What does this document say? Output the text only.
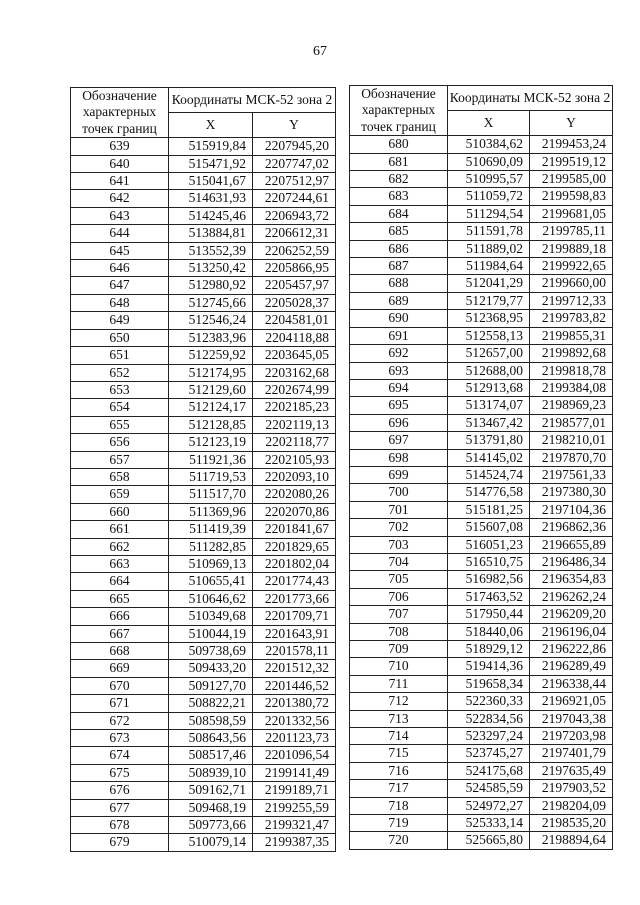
67
Обозначение характерных точек границ	Координаты МСК-52 зона 2	
	X	Y
639	515919,84	2207945,20
640	515471,92	2207747,02
641	515041,67	2207512,97
642	514631,93	2207244,61
643	514245,46	2206943,72
644	513884,81	2206612,31
645	513552,39	2206252,59
646	513250,42	2205866,95
647	512980,92	2205457,97
648	512745,66	2205028,37
649	512546,24	2204581,01
650	512383,96	2204118,88
651	512259,92	2203645,05
652	512174,95	2203162,68
653	512129,60	2202674,99
654	512124,17	2202185,23
655	512128,85	2202119,13
656	512123,19	2202118,77
657	511921,36	2202105,93
658	511719,53	2202093,10
659	511517,70	2202080,26
660	511369,96	2202070,86
661	511419,39	2201841,67
662	511282,85	2201829,65
663	510969,13	2201802,04
664	510655,41	2201774,43
665	510646,62	2201773,66
666	510349,68	2201709,71
667	510044,19	2201643,91
668	509738,69	2201578,11
669	509433,20	2201512,32
670	509127,70	2201446,52
671	508822,21	2201380,72
672	508598,59	2201332,56
673	508643,56	2201123,73
674	508517,46	2201096,54
675	508939,10	2199141,49
676	509162,71	2199189,71
677	509468,19	2199255,59
678	509773,66	2199321,47
679	510079,14	2199387,35
Обозначение характерных точек границ	Координаты МСК-52 зона 2	
	X	Y
680	510384,62	2199453,24
681	510690,09	2199519,12
682	510995,57	2199585,00
683	511059,72	2199598,83
684	511294,54	2199681,05
685	511591,78	2199785,11
686	511889,02	2199889,18
687	511984,64	2199922,65
688	512041,29	2199660,00
689	512179,77	2199712,33
690	512368,95	2199783,82
691	512558,13	2199855,31
692	512657,00	2199892,68
693	512688,00	2199818,78
694	512913,68	2199384,08
695	513174,07	2198969,23
696	513467,42	2198577,01
697	513791,80	2198210,01
698	514145,02	2197870,70
699	514524,74	2197561,33
700	514776,58	2197380,30
701	515181,25	2197104,36
702	515607,08	2196862,36
703	516051,23	2196655,89
704	516510,75	2196486,34
705	516982,56	2196354,83
706	517463,52	2196262,24
707	517950,44	2196209,20
708	518440,06	2196196,04
709	518929,12	2196222,86
710	519414,36	2196289,49
711	519658,34	2196338,44
712	522360,33	2196921,05
713	522834,56	2197043,38
714	523297,24	2197203,98
715	523745,27	2197401,79
716	524175,68	2197635,49
717	524585,59	2197903,52
718	524972,27	2198204,09
719	525333,14	2198535,20
720	525665,80	2198894,64
